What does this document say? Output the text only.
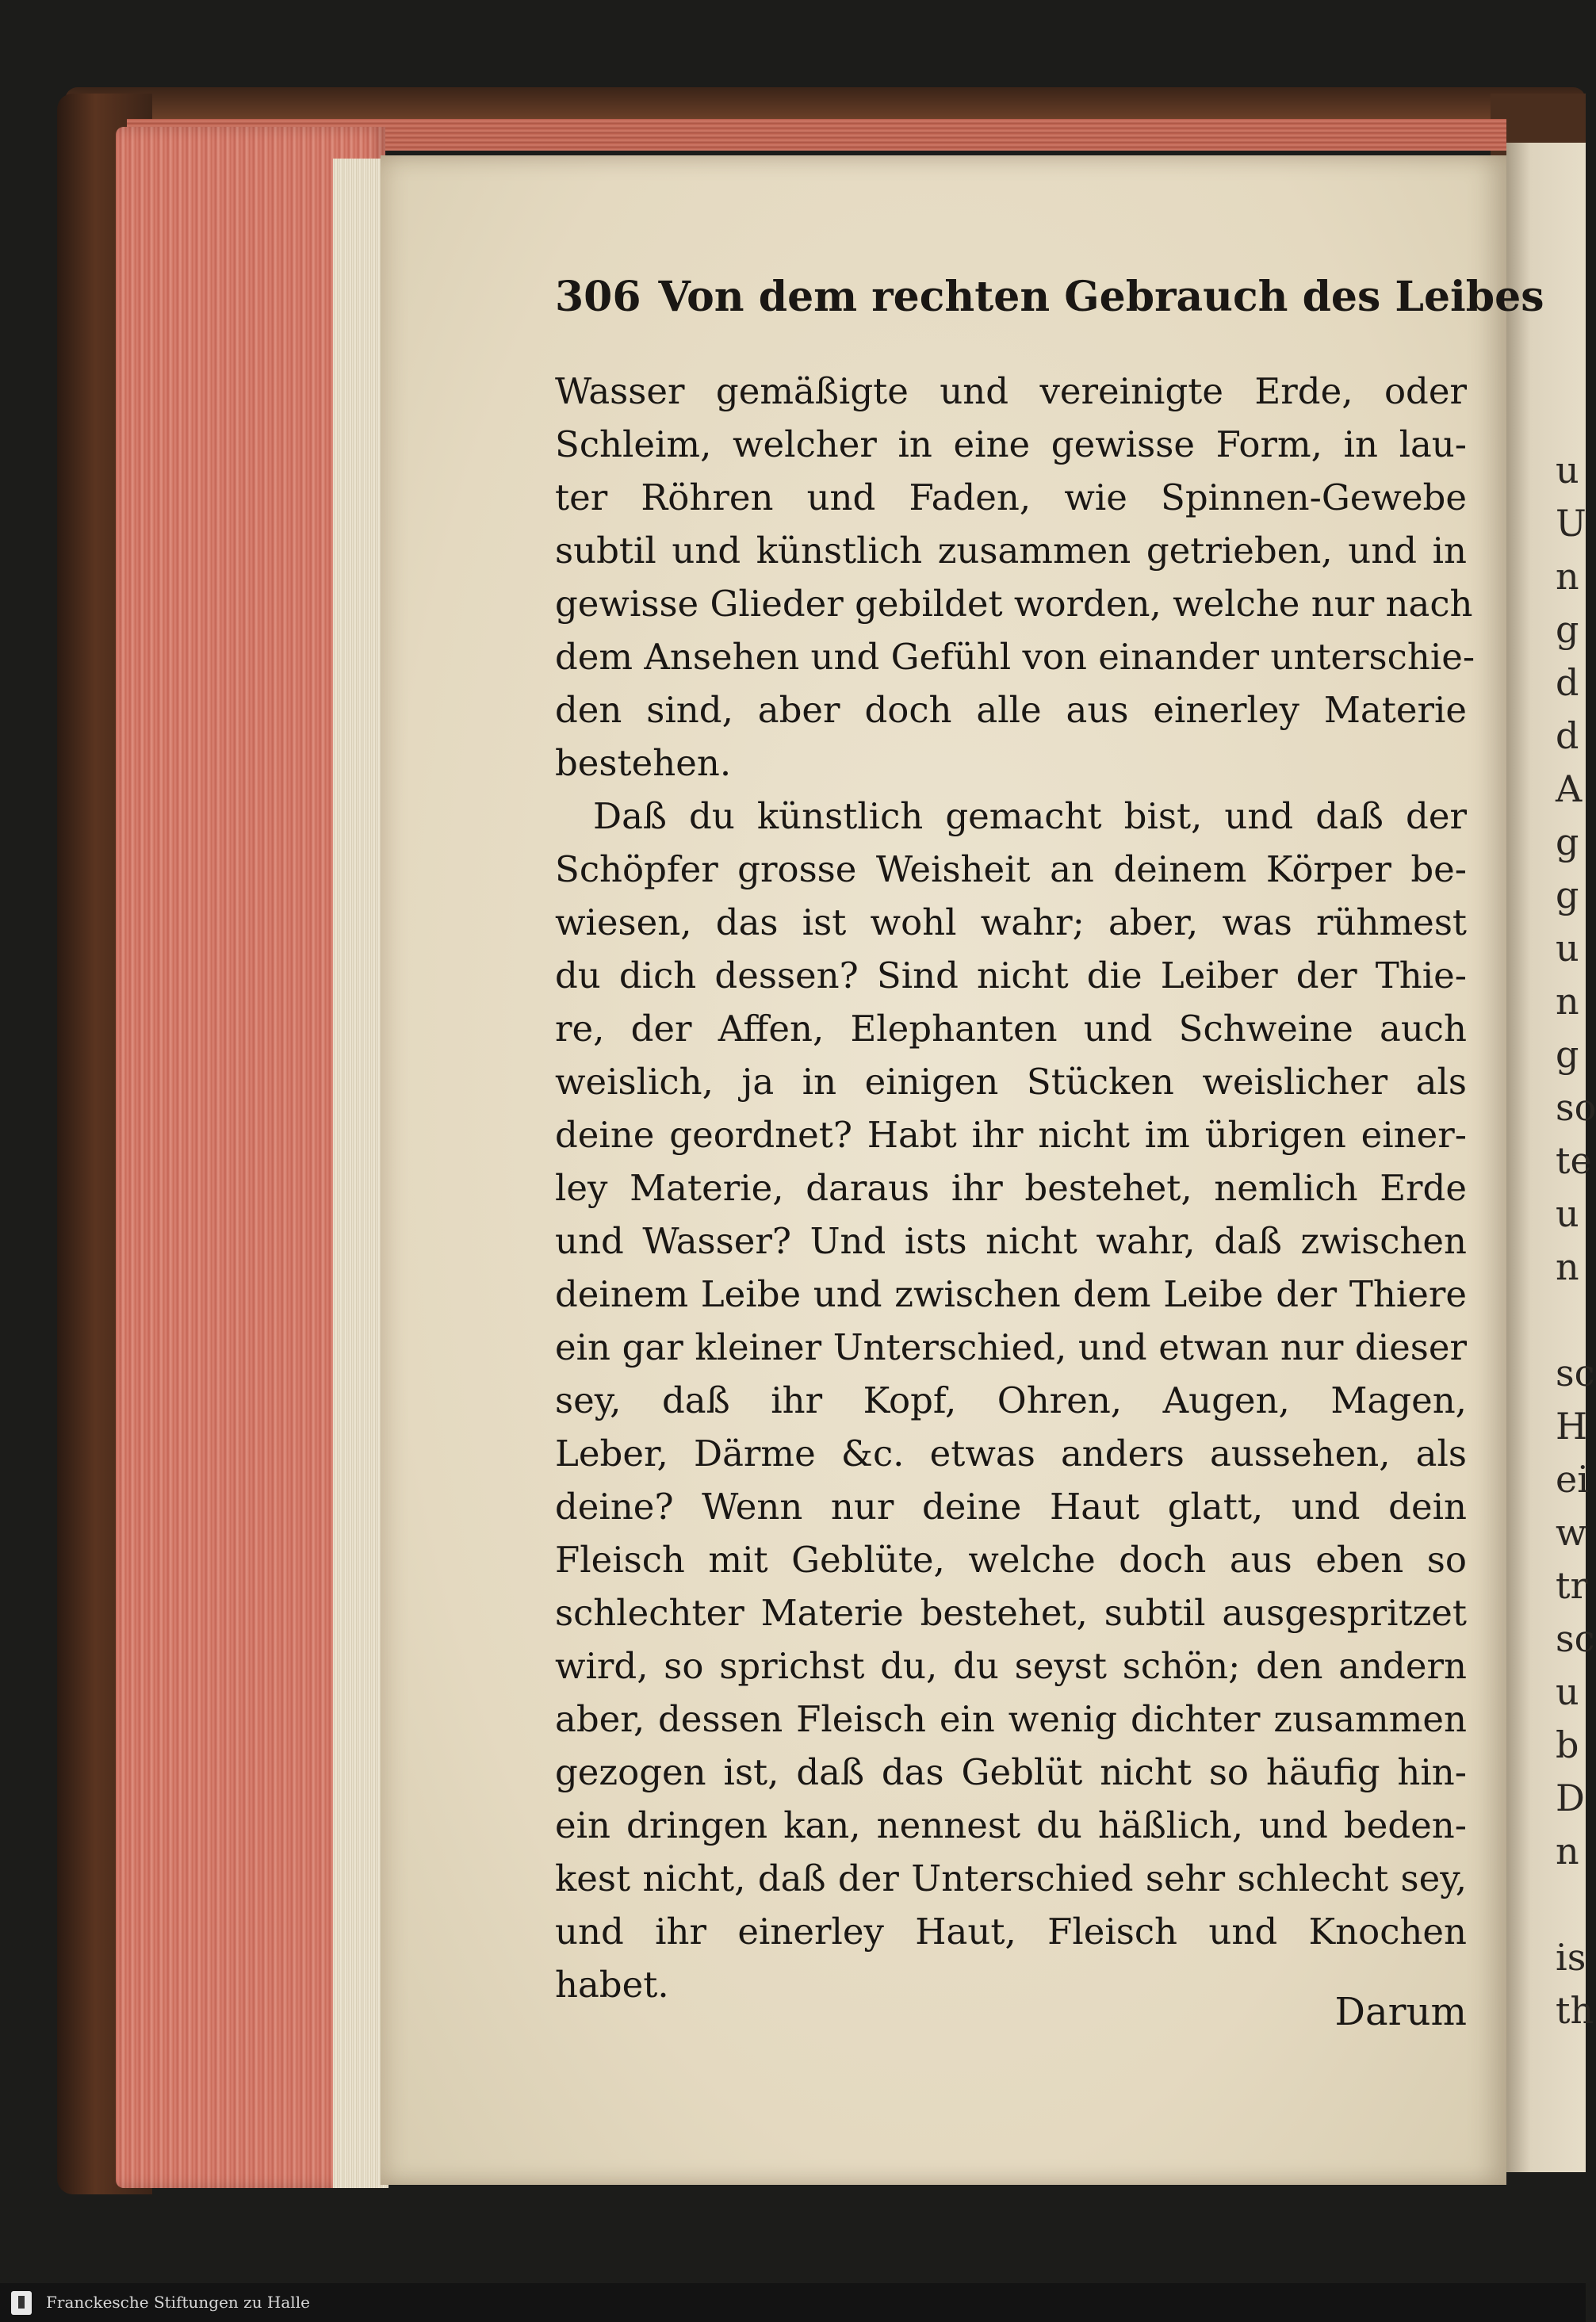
u
U
n
g
d
d
A
g
g
u
n
g
so
te
u
n
sc
H
ei
w
tr
sc
u
b
D
n
is
th
306 Von dem rechten Gebrauch des Leibes
Wasser gemäßigte und vereinigte Erde, oder
Schleim, welcher in eine gewisse Form, in lau-
ter Röhren und Faden, wie Spinnen-Gewebe
subtil und künstlich zusammen getrieben, und in
gewisse Glieder gebildet worden, welche nur nach
dem Ansehen und Gefühl von einander unterschie-
den sind, aber doch alle aus einerley Materie
bestehen.
Daß du künstlich gemacht bist, und daß der
Schöpfer grosse Weisheit an deinem Körper be-
wiesen, das ist wohl wahr; aber, was rühmest
du dich dessen? Sind nicht die Leiber der Thie-
re, der Affen, Elephanten und Schweine auch
weislich, ja in einigen Stücken weislicher als
deine geordnet? Habt ihr nicht im übrigen einer-
ley Materie, daraus ihr bestehet, nemlich Erde
und Wasser? Und ists nicht wahr, daß zwischen
deinem Leibe und zwischen dem Leibe der Thiere
ein gar kleiner Unterschied, und etwan nur dieser
sey, daß ihr Kopf, Ohren, Augen, Magen,
Leber, Därme &c. etwas anders aussehen, als
deine? Wenn nur deine Haut glatt, und dein
Fleisch mit Geblüte, welche doch aus eben so
schlechter Materie bestehet, subtil ausgespritzet
wird, so sprichst du, du seyst schön; den andern
aber, dessen Fleisch ein wenig dichter zusammen
gezogen ist, daß das Geblüt nicht so häufig hin-
ein dringen kan, nennest du häßlich, und beden-
kest nicht, daß der Unterschied sehr schlecht sey,
und ihr einerley Haut, Fleisch und Knochen
habet.
Darum
Franckesche Stiftungen zu Halle
